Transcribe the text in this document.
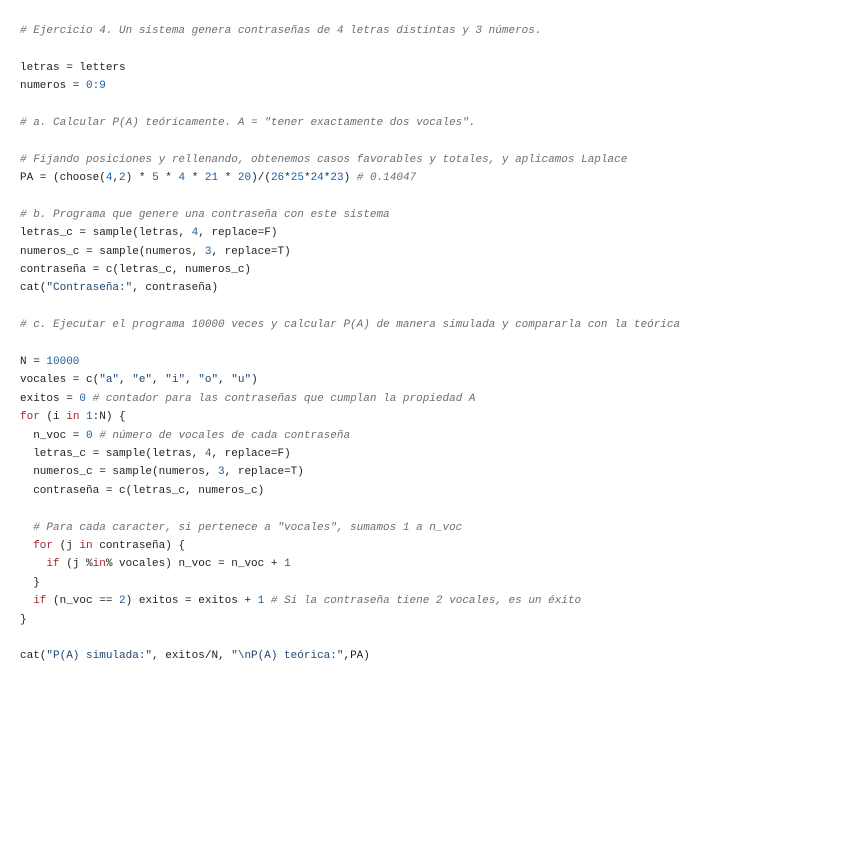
# Ejercicio 4. Un sistema genera contraseñas de 4 letras distintas y 3 números.
letras = letters
numeros = 0:9
# a. Calcular P(A) teóricamente. A = "tener exactamente dos vocales".
# Fijando posiciones y rellenando, obtenemos casos favorables y totales, y aplicamos Laplace
PA = (choose(4,2) * 5 * 4 * 21 * 20)/(26*25*24*23) # 0.14047
# b. Programa que genere una contraseña con este sistema
letras_c = sample(letras, 4, replace=F)
numeros_c = sample(numeros, 3, replace=T)
contraseña = c(letras_c, numeros_c)
cat("Contraseña:", contraseña)
# c. Ejecutar el programa 10000 veces y calcular P(A) de manera simulada y compararla con la teórica
N = 10000
vocales = c("a", "e", "i", "o", "u")
exitos = 0 # contador para las contraseñas que cumplan la propiedad A
for (i in 1:N) {
n_voc = 0 # número de vocales de cada contraseña
letras_c = sample(letras, 4, replace=F)
numeros_c = sample(numeros, 3, replace=T)
contraseña = c(letras_c, numeros_c)
# Para cada caracter, si pertenece a "vocales", sumamos 1 a n_voc
for (j in contraseña) {
if (j %in% vocales) n_voc = n_voc + 1
}
if (n_voc == 2) exitos = exitos + 1 # Si la contraseña tiene 2 vocales, es un éxito
}
cat("P(A) simulada:", exitos/N, "\nP(A) teórica:",PA)
